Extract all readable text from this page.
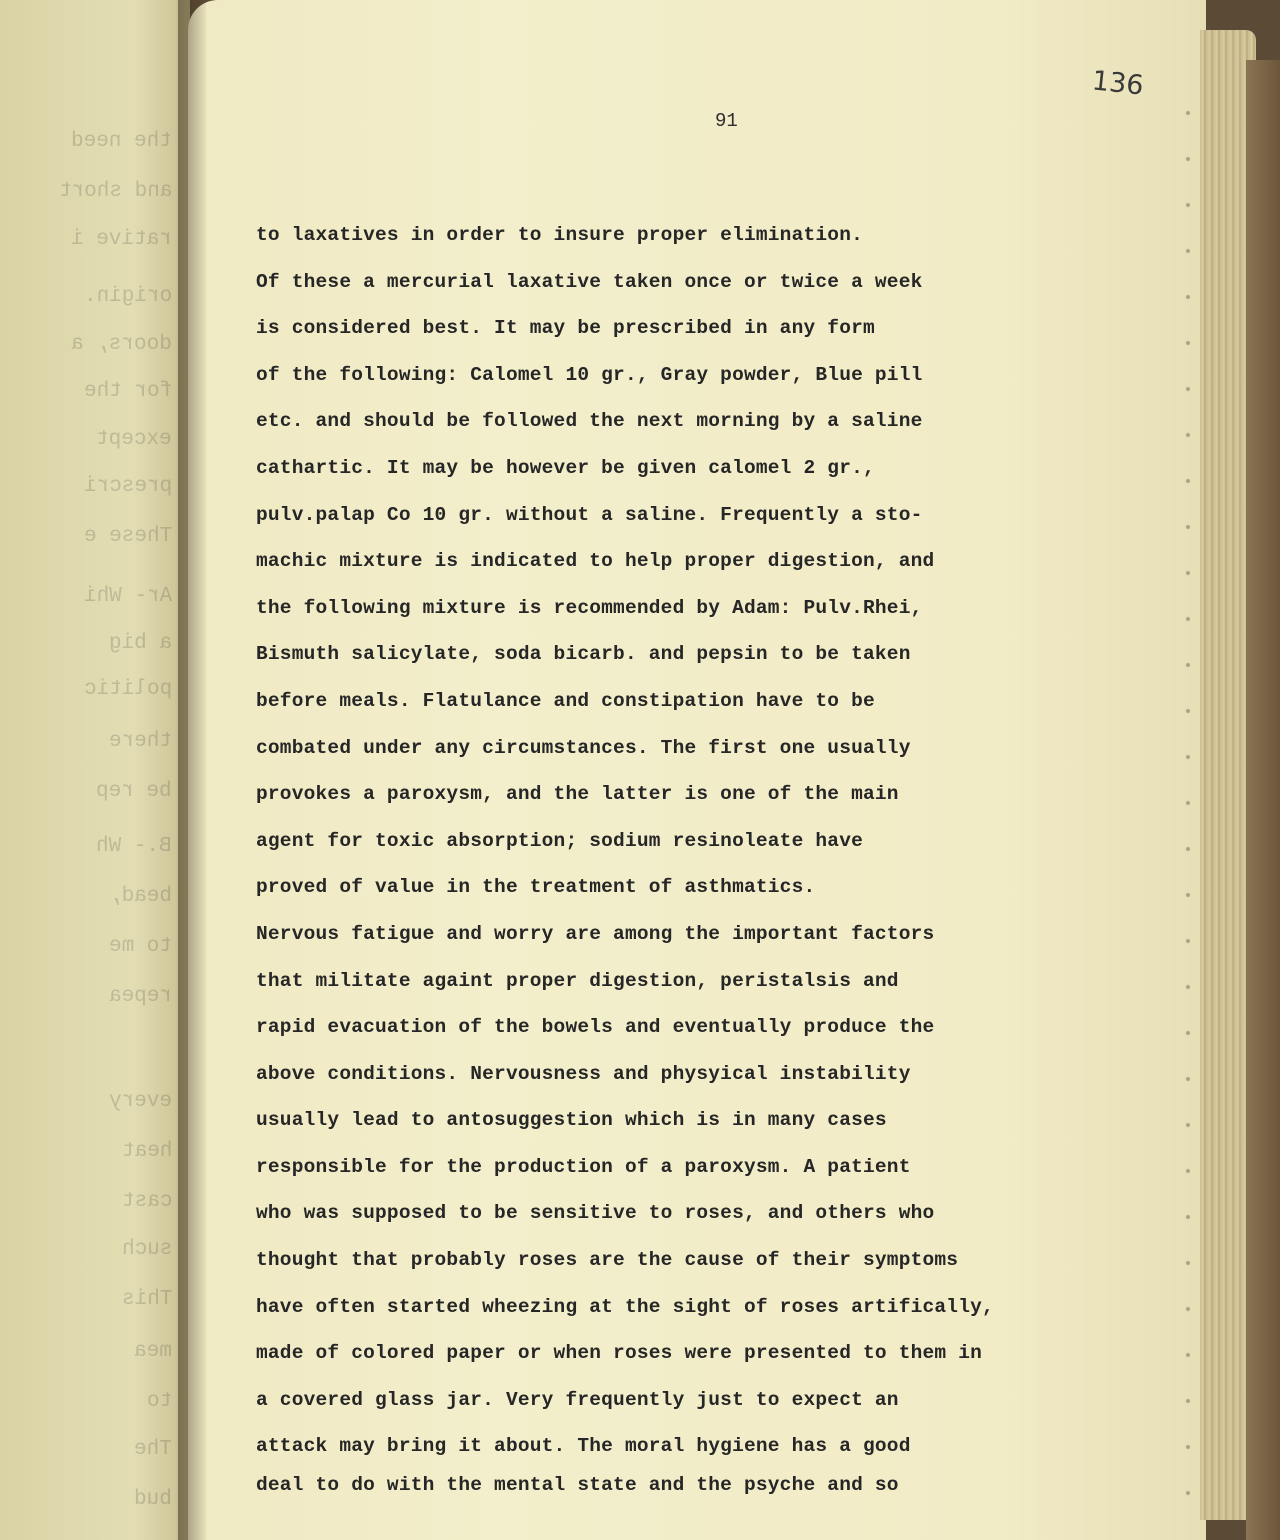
the need
and short
rative i
origin.
doors, a
for the
except
prescri
These e
Ar- Whi
a big
politic
there
be rep
B.- Wh
bead,
to me
repea
every
heat
cast
such
This
mea
to
The
bud
91
136
to laxatives in order to insure proper elimination.
Of these a mercurial laxative taken once or twice a week
is considered best. It may be prescribed in any form
of the following: Calomel 10 gr., Gray powder, Blue pill
etc. and should be followed the next morning by a saline
cathartic. It may be however be given calomel 2 gr.,
pulv.palap Co 10 gr. without a saline. Frequently a sto-
machic mixture is indicated to help proper digestion, and
the following mixture is recommended by Adam: Pulv.Rhei,
Bismuth salicylate, soda bicarb. and pepsin to be taken
before meals. Flatulance and constipation have to be
combated under any circumstances. The first one usually
provokes a paroxysm, and the latter is one of the main
agent for toxic absorption; sodium resinoleate have
proved of value in the treatment of asthmatics.
Nervous fatigue and worry are among the important factors
that militate againt proper digestion, peristalsis and
rapid evacuation of the bowels and eventually produce the
above conditions. Nervousness and physyical instability
usually lead to antosuggestion which is in many cases
responsible for the production of a paroxysm. A patient
who was supposed to be sensitive to roses, and others who
thought that probably roses are the cause of their symptoms
have often started wheezing at the sight of roses artifically,
made of colored paper or when roses were presented to them in
a covered glass jar. Very frequently just to expect an
attack may bring it about. The moral hygiene has a good
deal to do with the mental state and the psyche and so
